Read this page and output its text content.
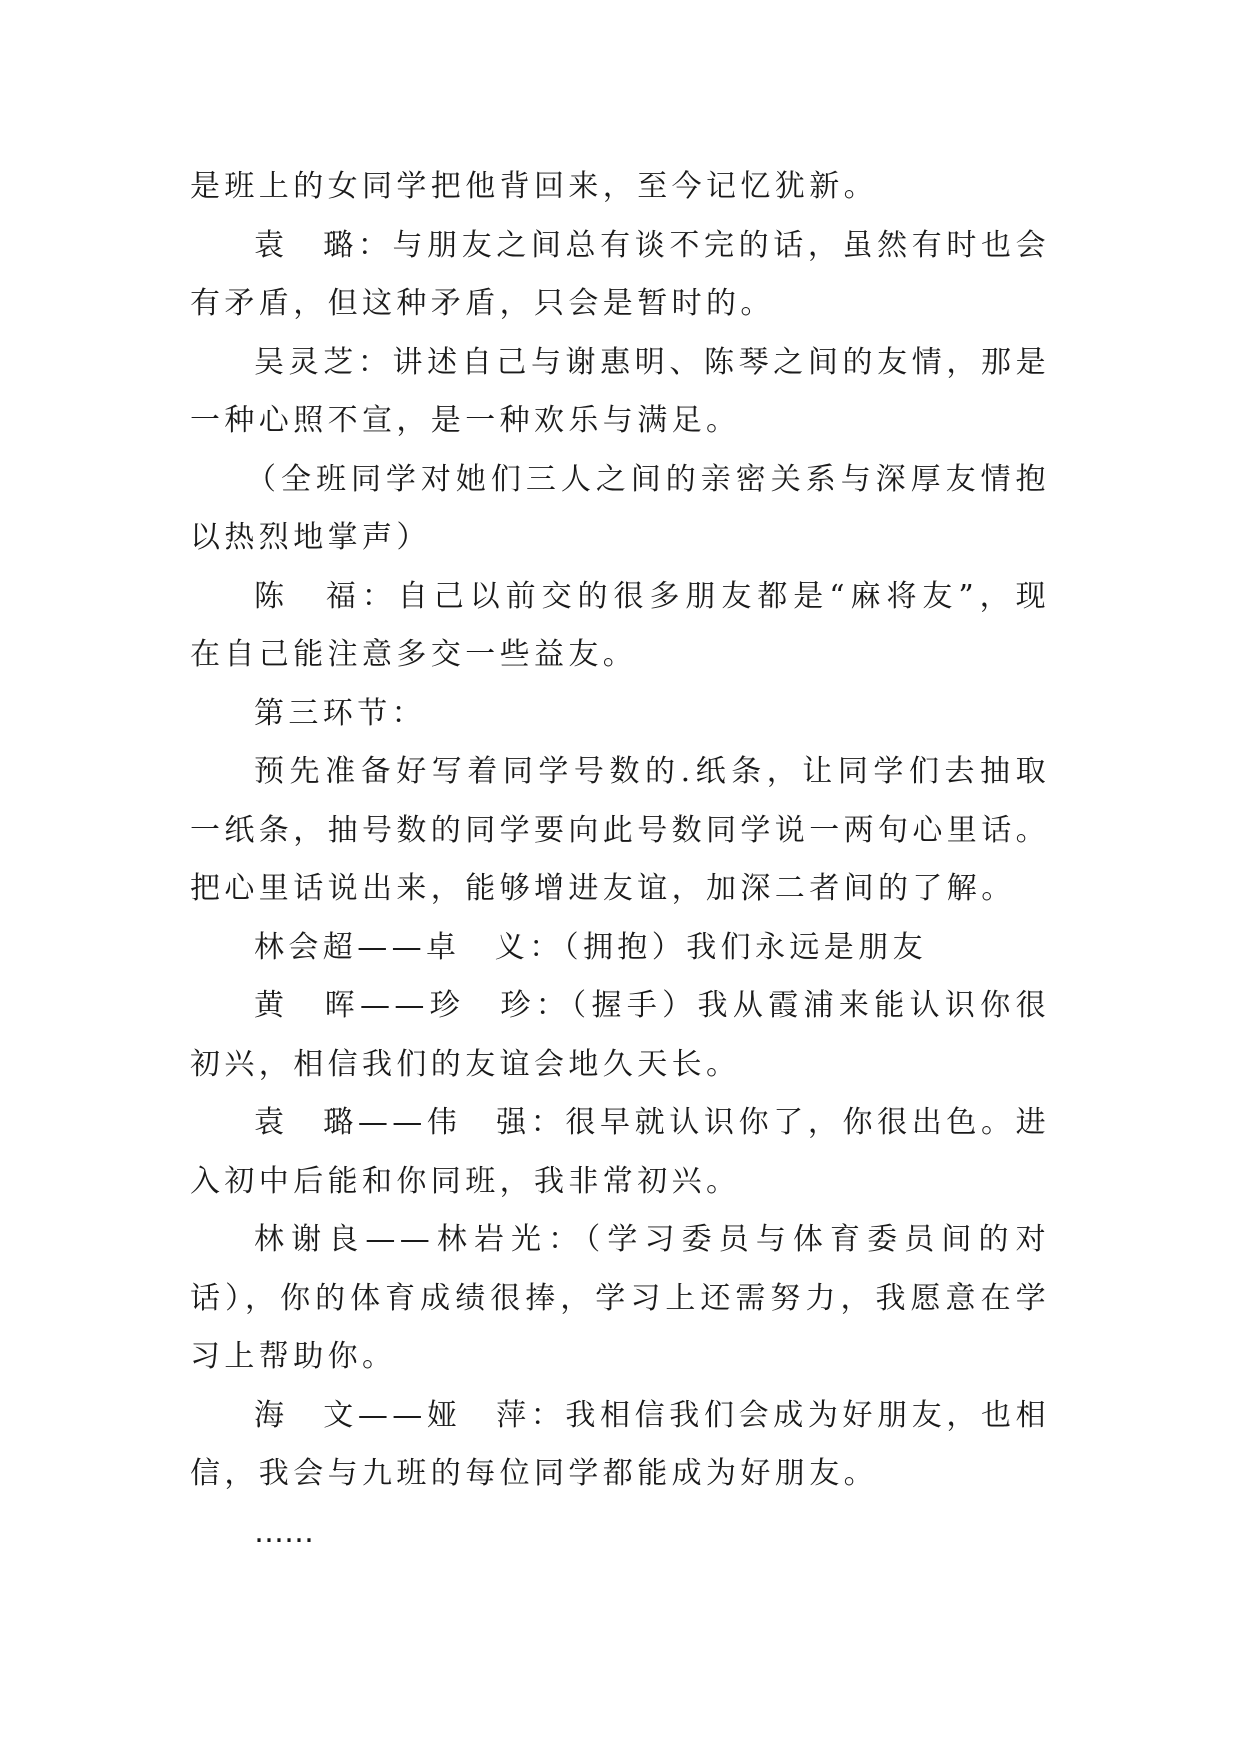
是班上的女同学把他背回来，至今记忆犹新。

袁　璐：与朋友之间总有谈不完的话，虽然有时也会有矛盾，但这种矛盾，只会是暂时的。

吴灵芝：讲述自己与谢惠明、陈琴之间的友情，那是一种心照不宣，是一种欢乐与满足。

（全班同学对她们三人之间的亲密关系与深厚友情抱以热烈地掌声）

陈　福：自己以前交的很多朋友都是“麻将友”，现在自己能注意多交一些益友。

第三环节：

预先准备好写着同学号数的.纸条，让同学们去抽取一纸条，抽号数的同学要向此号数同学说一两句心里话。把心里话说出来，能够增进友谊，加深二者间的了解。

林会超——卓　义：（拥抱）我们永远是朋友

黄　晖——珍　珍：（握手）我从霞浦来能认识你很初兴，相信我们的友谊会地久天长。

袁　璐——伟　强：很早就认识你了，你很出色。进入初中后能和你同班，我非常初兴。

林谢良——林岩光：（学习委员与体育委员间的对话），你的体育成绩很捧，学习上还需努力，我愿意在学习上帮助你。

海　文——娅　萍：我相信我们会成为好朋友，也相信，我会与九班的每位同学都能成为好朋友。

……
